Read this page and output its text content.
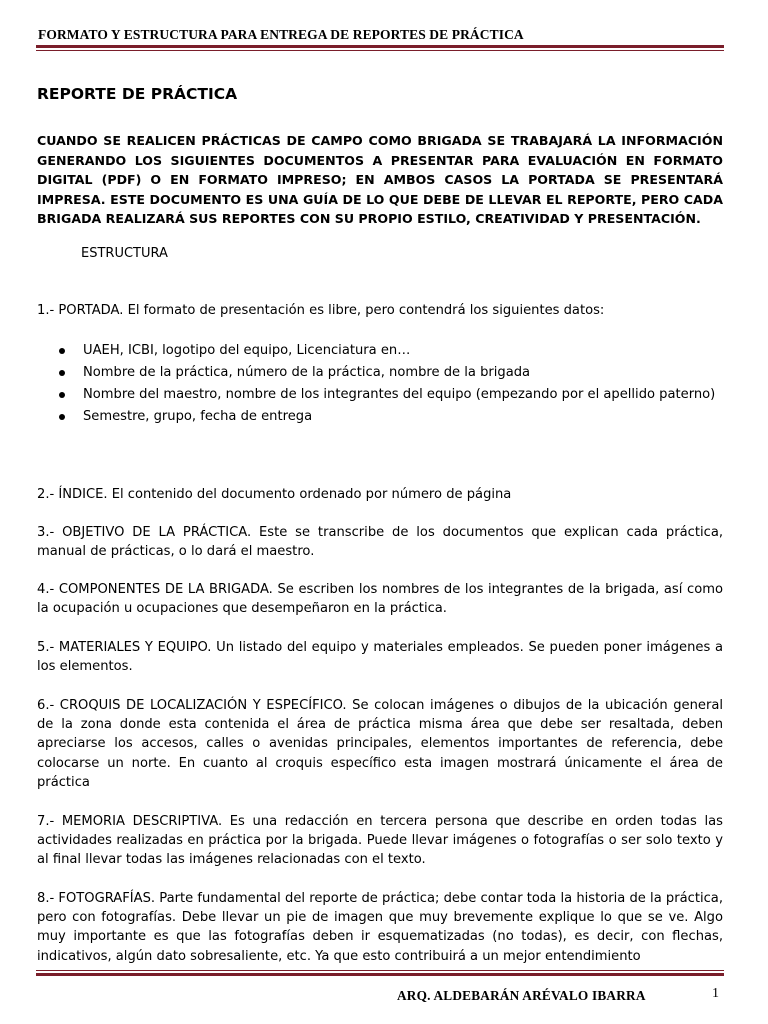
FORMATO Y ESTRUCTURA PARA ENTREGA DE REPORTES DE PRÁCTICA
REPORTE DE PRÁCTICA
CUANDO SE REALICEN PRÁCTICAS DE CAMPO COMO BRIGADA SE TRABAJARÁ LA INFORMACIÓN GENERANDO LOS SIGUIENTES DOCUMENTOS A PRESENTAR PARA EVALUACIÓN EN FORMATO DIGITAL (PDF) O EN FORMATO IMPRESO; EN AMBOS CASOS LA PORTADA SE PRESENTARÁ IMPRESA. ESTE DOCUMENTO ES UNA GUÍA DE LO QUE DEBE DE LLEVAR EL REPORTE, PERO CADA BRIGADA REALIZARÁ SUS REPORTES CON SU PROPIO ESTILO, CREATIVIDAD Y PRESENTACIÓN.
ESTRUCTURA
1.- PORTADA. El formato de presentación es libre, pero contendrá los siguientes datos:
UAEH, ICBI, logotipo del equipo, Licenciatura en…
Nombre de la práctica, número de la práctica, nombre de la brigada
Nombre del maestro, nombre de los integrantes del equipo (empezando por el apellido paterno)
Semestre, grupo, fecha de entrega
2.- ÍNDICE. El contenido del documento ordenado por número de página
3.- OBJETIVO DE LA PRÁCTICA. Este se transcribe de los documentos que explican cada práctica, manual de prácticas, o lo dará el maestro.
4.- COMPONENTES DE LA BRIGADA. Se escriben los nombres de los integrantes de la brigada, así como la ocupación u ocupaciones que desempeñaron en la práctica.
5.- MATERIALES Y EQUIPO. Un listado del equipo y materiales empleados. Se pueden poner imágenes a los elementos.
6.- CROQUIS DE LOCALIZACIÓN Y ESPECÍFICO. Se colocan imágenes o dibujos de la ubicación general de la zona donde esta contenida el área de práctica misma área que debe ser resaltada, deben apreciarse los accesos, calles o avenidas principales, elementos importantes de referencia, debe colocarse un norte. En cuanto al croquis específico esta imagen mostrará únicamente el área de práctica
7.- MEMORIA DESCRIPTIVA. Es una redacción en tercera persona que describe en orden todas las actividades realizadas en práctica por la brigada. Puede llevar imágenes o fotografías o ser solo texto y al final llevar todas las imágenes relacionadas con el texto.
8.- FOTOGRAFÍAS. Parte fundamental del reporte de práctica; debe contar toda la historia de la práctica, pero con fotografías. Debe llevar un pie de imagen que muy brevemente explique lo que se ve. Algo muy importante es que las fotografías deben ir esquematizadas (no todas), es decir, con flechas, indicativos, algún dato sobresaliente, etc. Ya que esto contribuirá a un mejor entendimiento
ARQ. ALDEBARÁN ARÉVALO IBARRA	1
